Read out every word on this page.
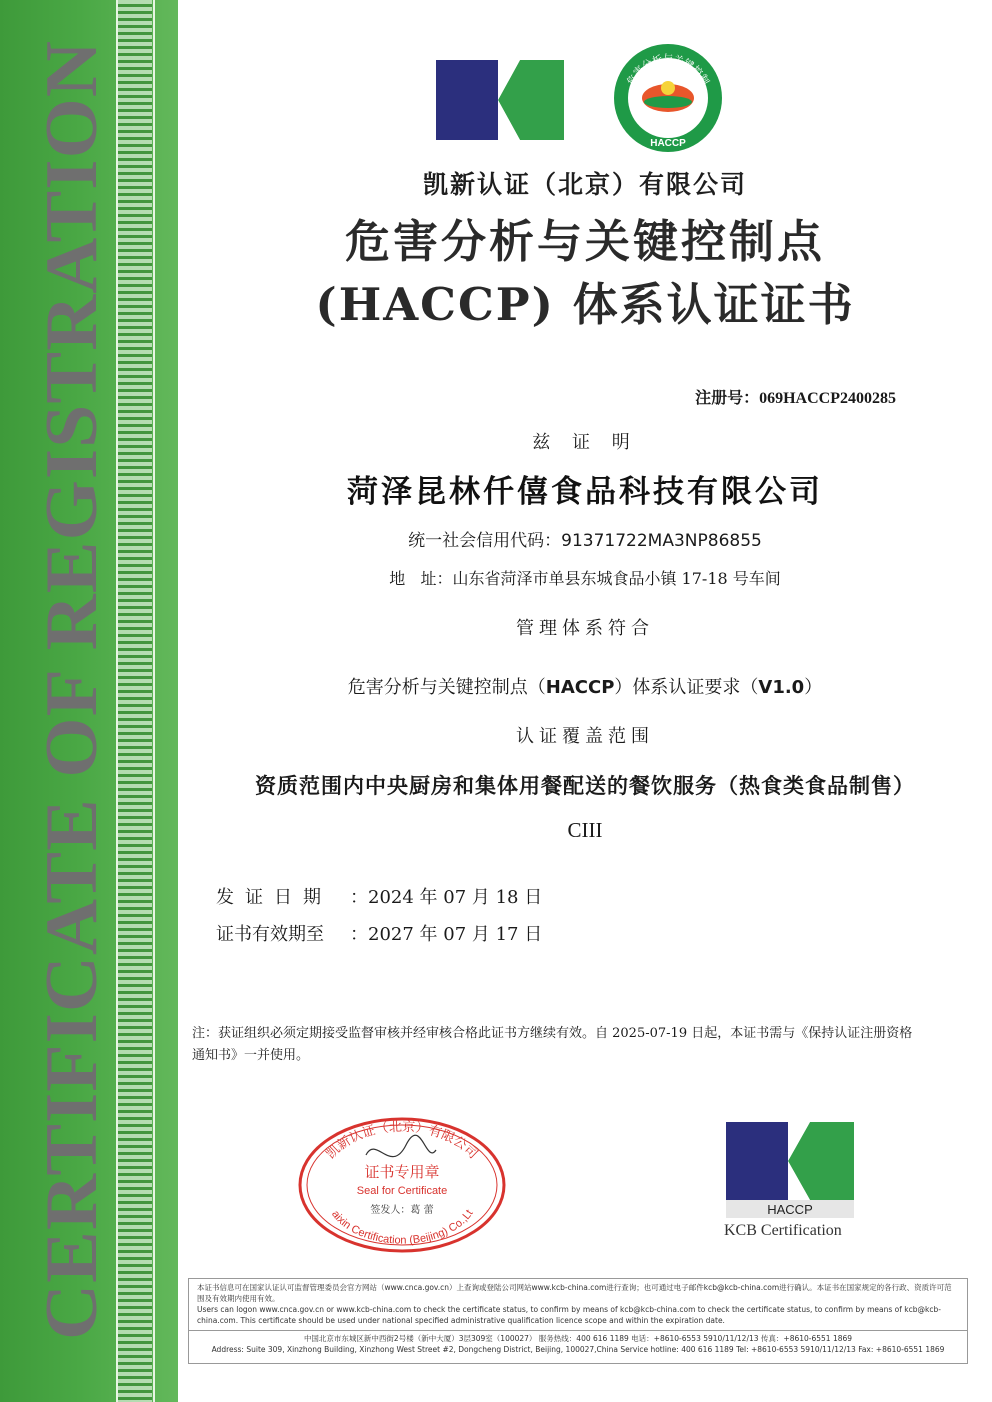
CERTIFICATE OF REGISTRATION
危害分析与关键控制
HACCP
凯新认证（北京）有限公司
危害分析与关键控制点
(HACCP) 体系认证证书
注册号：069HACCP2400285
兹 证 明
菏泽昆林仟僖食品科技有限公司
统一社会信用代码：91371722MA3NP86855
地   址：山东省菏泽市单县东城食品小镇 17-18 号车间
管理体系符合
危害分析与关键控制点（HACCP）体系认证要求（V1.0）
认证覆盖范围
资质范围内中央厨房和集体用餐配送的餐饮服务（热食类食品制售）
CIII
发证日期 ：2024 年 07 月 18 日
证书有效期至 ：2027 年 07 月 17 日
注：获证组织必须定期接受监督审核并经审核合格此证书方继续有效。自 2025-07-19 日起，本证书需与《保持认证注册资格通知书》一并使用。
凯新认证（北京）有限公司
aixin Certification (Beijing) Co.,Lt
证书专用章
Seal for Certificate
签发人：葛 蕾	HACCP
KCB Certification
本证书信息可在国家认证认可监督管理委员会官方网站（www.cnca.gov.cn）上查询或登陆公司网站www.kcb-china.com进行查询；也可通过电子邮件kcb@kcb-china.com进行确认。本证书在国家规定的各行政、资质许可范围及有效期内使用有效。
Users can logon www.cnca.gov.cn or www.kcb-china.com to check the certificate status, to confirm by means of kcb@kcb-china.com to check the certificate status, to confirm by means of kcb@kcb-china.com. This certificate should be used under national specified administrative qualification licence scope and within the expiration date.
中国北京市东城区新中西街2号楼（新中大厦）3层309室（100027） 服务热线：400 616 1189 电话：+8610-6553 5910/11/12/13 传真：+8610-6551 1869
Address: Suite 309, Xinzhong Building, Xinzhong West Street #2, Dongcheng District, Beijing, 100027,China Service hotline: 400 616 1189 Tel: +8610-6553 5910/11/12/13 Fax: +8610-6551 1869
